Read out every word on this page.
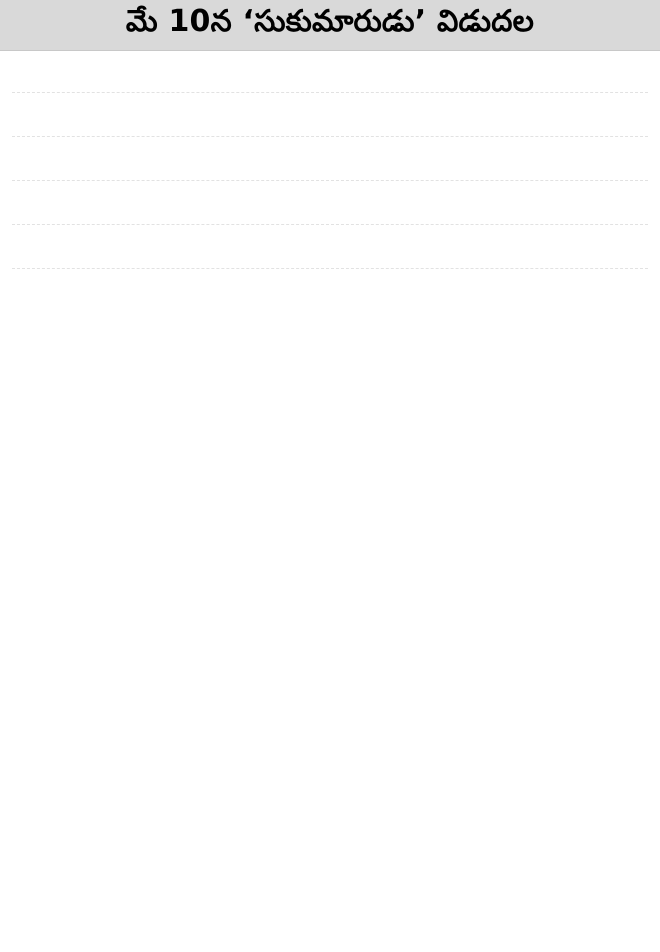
మే 10న ‘సుకుమారుడు’ విడుదల
